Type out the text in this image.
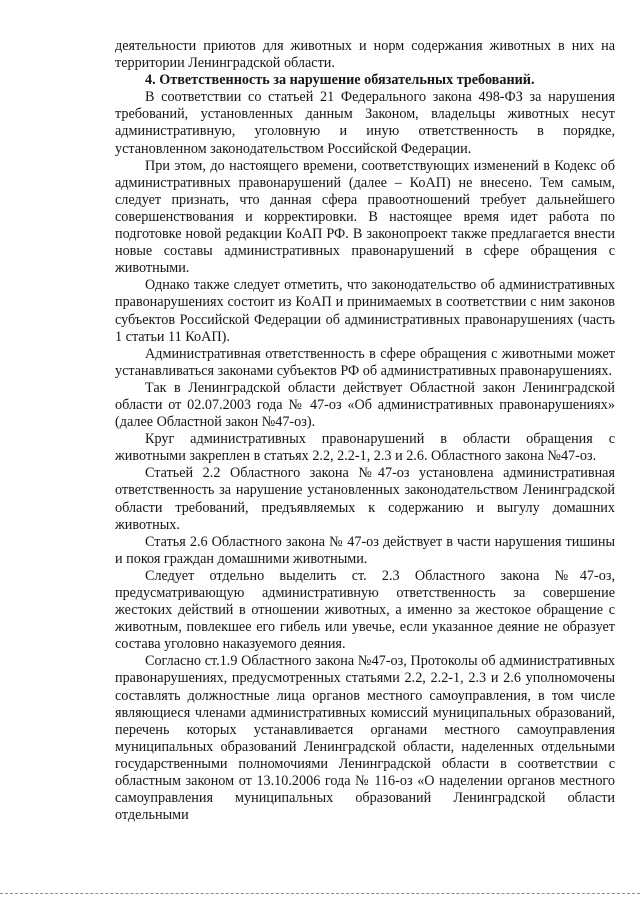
деятельности приютов для животных и норм содержания животных в них на территории Ленинградской области.

4. Ответственность за нарушение обязательных требований.

В соответствии со статьей 21 Федерального закона 498-ФЗ за нарушения требований, установленных данным Законом, владельцы животных несут административную, уголовную и иную ответственность в порядке, установленном законодательством Российской Федерации.

При этом, до настоящего времени, соответствующих изменений в Кодекс об административных правонарушений (далее – КоАП) не внесено. Тем самым, следует признать, что данная сфера правоотношений требует дальнейшего совершенствования и корректировки. В настоящее время идет работа по подготовке новой редакции КоАП РФ. В законопроект также предлагается внести новые составы административных правонарушений в сфере обращения с животными.

Однако также следует отметить, что законодательство об административных правонарушениях состоит из КоАП и принимаемых в соответствии с ним законов субъектов Российской Федерации об административных правонарушениях (часть 1 статьи 11 КоАП).

Административная ответственность в сфере обращения с животными может устанавливаться законами субъектов РФ об административных правонарушениях.

Так в Ленинградской области действует Областной закон Ленинградской области от 02.07.2003 года № 47-оз «Об административных правонарушениях» (далее Областной закон №47-оз).

Круг административных правонарушений в области обращения с животными закреплен в статьях 2.2, 2.2-1, 2.3 и 2.6. Областного закона №47-оз.

Статьей 2.2 Областного закона №47-оз установлена административная ответственность за нарушение установленных законодательством Ленинградской области требований, предъявляемых к содержанию и выгулу домашних животных.

Статья 2.6 Областного закона № 47-оз действует в части нарушения тишины и покоя граждан домашними животными.

Следует отдельно выделить ст. 2.3 Областного закона №47-оз, предусматривающую административную ответственность за совершение жестоких действий в отношении животных, а именно за жестокое обращение с животным, повлекшее его гибель или увечье, если указанное деяние не образует состава уголовно наказуемого деяния.

Согласно ст.1.9 Областного закона №47-оз, Протоколы об административных правонарушениях, предусмотренных статьями 2.2, 2.2-1, 2.3 и 2.6 уполномочены составлять должностные лица органов местного самоуправления, в том числе являющиеся членами административных комиссий муниципальных образований, перечень которых устанавливается органами местного самоуправления муниципальных образований Ленинградской области, наделенных отдельными государственными полномочиями Ленинградской области в соответствии с областным законом от 13.10.2006 года № 116-оз «О наделении органов местного самоуправления муниципальных образований Ленинградской области отдельными
